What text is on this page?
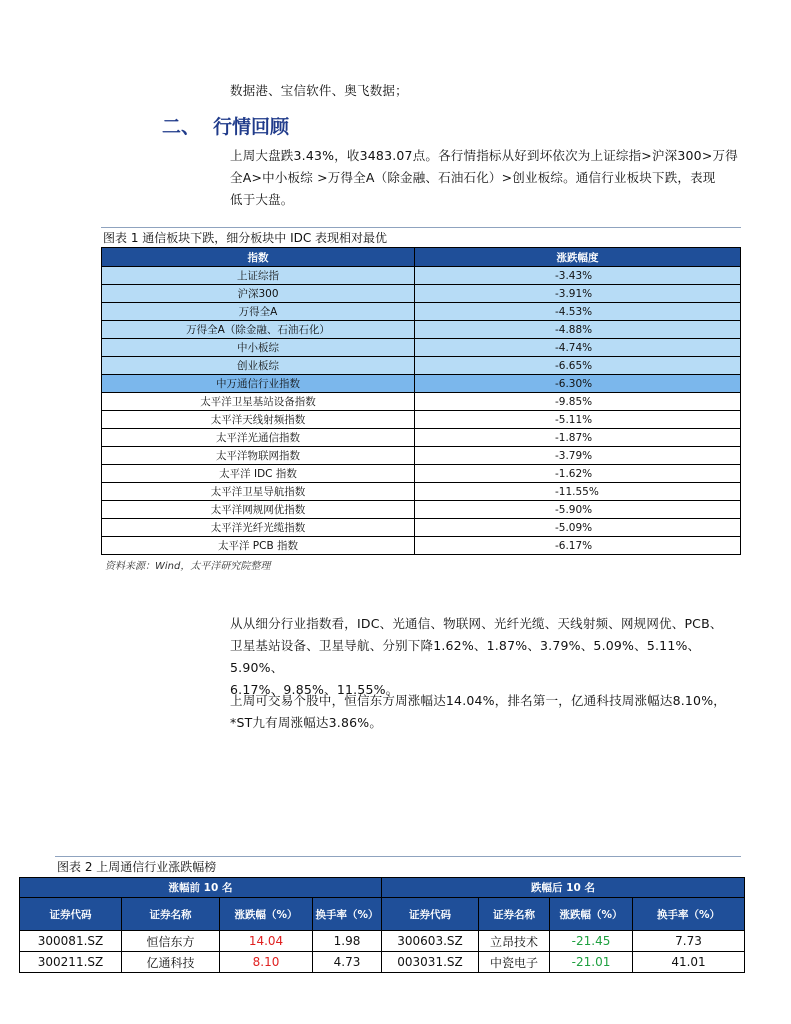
数据港、宝信软件、奥飞数据；
二、 行情回顾
上周大盘跌3.43%，收3483.07点。各行情指标从好到坏依次为上证综指>沪深300>万得
全A>中小板综 >万得全A（除金融、石油石化）>创业板综。通信行业板块下跌，表现
低于大盘。
图表 1 通信板块下跌，细分板块中 IDC 表现相对最优
指数	涨跌幅度
上证综指	-3.43%
沪深300	-3.91%
万得全A	-4.53%
万得全A（除金融、石油石化）	-4.88%
中小板综	-4.74%
创业板综	-6.65%
中万通信行业指数	-6.30%
太平洋卫星基站设备指数	-9.85%
太平洋天线射频指数	-5.11%
太平洋光通信指数	-1.87%
太平洋物联网指数	-3.79%
太平洋 IDC 指数	-1.62%
太平洋卫星导航指数	-11.55%
太平洋网规网优指数	-5.90%
太平洋光纤光缆指数	-5.09%
太平洋 PCB 指数	-6.17%
资料来源：Wind，太平洋研究院整理
从从细分行业指数看，IDC、光通信、物联网、光纤光缆、天线射频、网规网优、PCB、
卫星基站设备、卫星导航、分别下降1.62%、1.87%、3.79%、5.09%、5.11%、5.90%、
6.17%、9.85%、11.55%。
上周可交易个股中，恒信东方周涨幅达14.04%，排名第一，亿通科技周涨幅达8.10%，
*ST九有周涨幅达3.86%。
图表 2 上周通信行业涨跌幅榜
涨幅前 10 名				跌幅后 10 名			
证券代码	证券名称	涨跌幅（%）	换手率（%）	证券代码	证券名称	涨跌幅（%）	换手率（%）
300081.SZ	恒信东方	14.04	1.98	300603.SZ	立昂技术	-21.45	7.73
300211.SZ	亿通科技	8.10	4.73	003031.SZ	中瓷电子	-21.01	41.01
